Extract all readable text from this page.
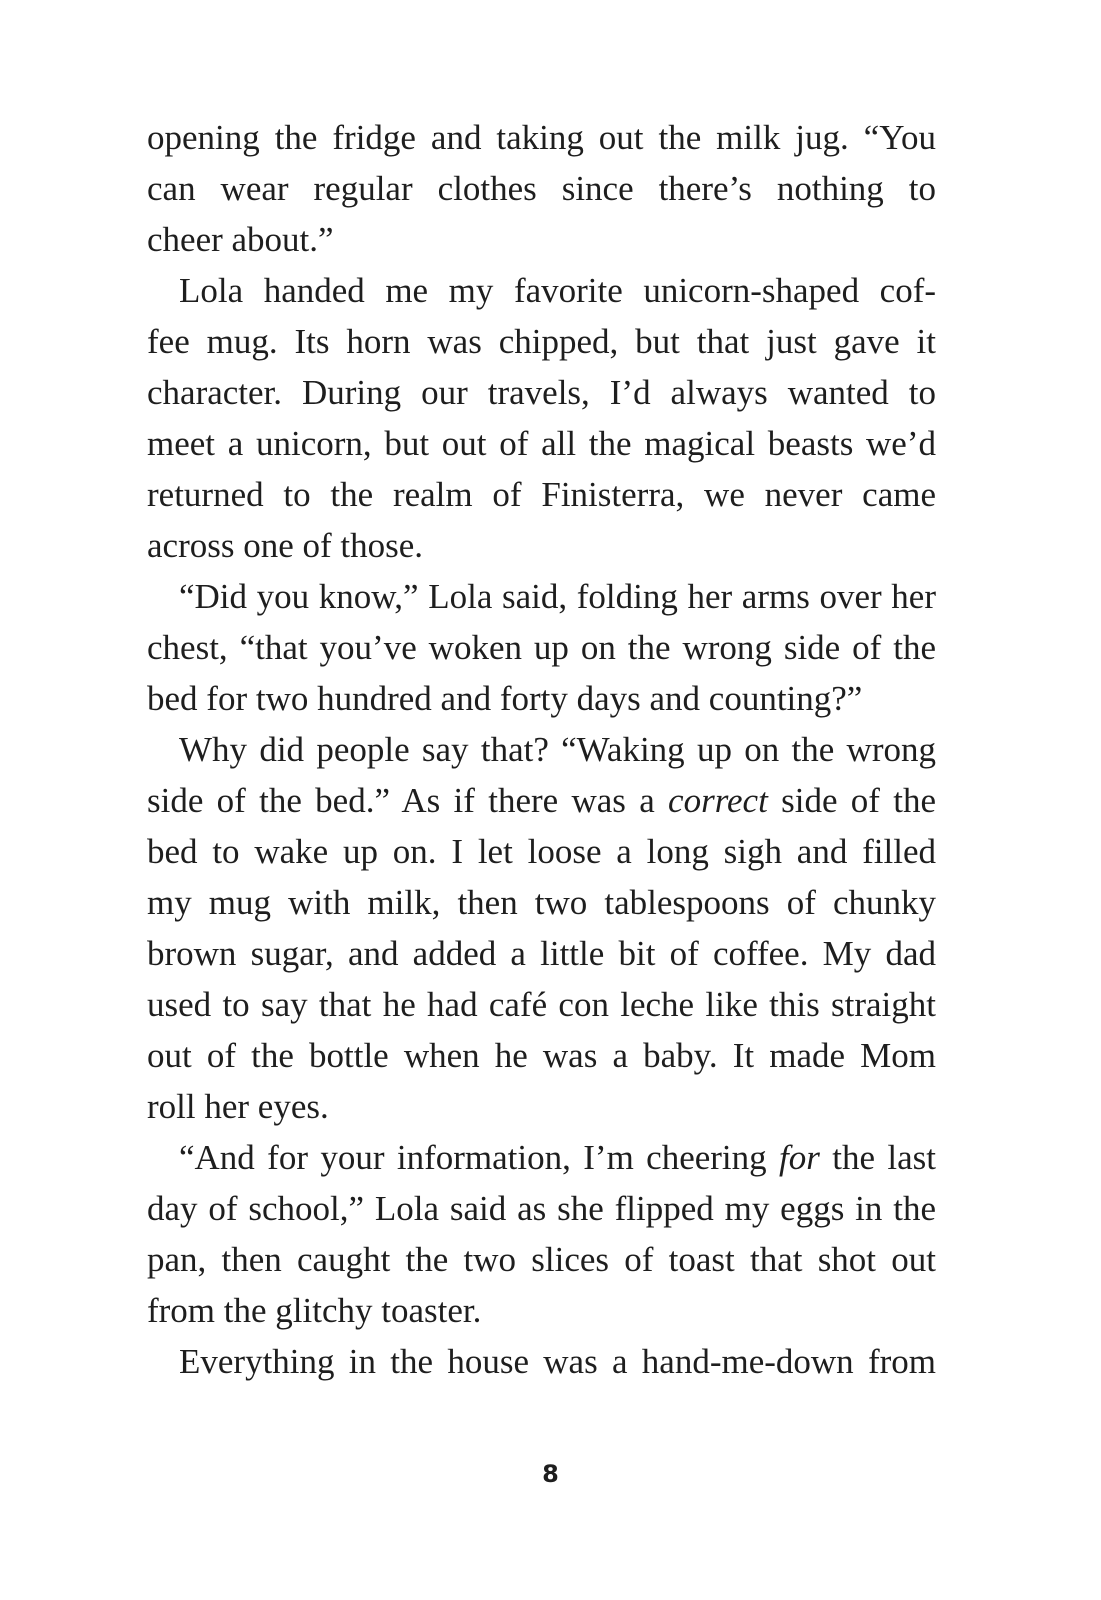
opening the fridge and taking out the milk jug. “You
can wear regular clothes since there’s nothing to
cheer about.”
Lola handed me my favorite unicorn-shaped cof-
fee mug. Its horn was chipped, but that just gave it
character. During our travels, I’d always wanted to
meet a unicorn, but out of all the magical beasts we’d
returned to the realm of Finisterra, we never came
across one of those.
“Did you know,” Lola said, folding her arms over her
chest, “that you’ve woken up on the wrong side of the
bed for two hundred and forty days and counting?”
Why did people say that? “Waking up on the wrong
side of the bed.” As if there was a correct side of the
bed to wake up on. I let loose a long sigh and filled
my mug with milk, then two tablespoons of chunky
brown sugar, and added a little bit of coffee. My dad
used to say that he had café con leche like this straight
out of the bottle when he was a baby. It made Mom
roll her eyes.
“And for your information, I’m cheering for the last
day of school,” Lola said as she flipped my eggs in the
pan, then caught the two slices of toast that shot out
from the glitchy toaster.
Everything in the house was a hand-me-down from
8
